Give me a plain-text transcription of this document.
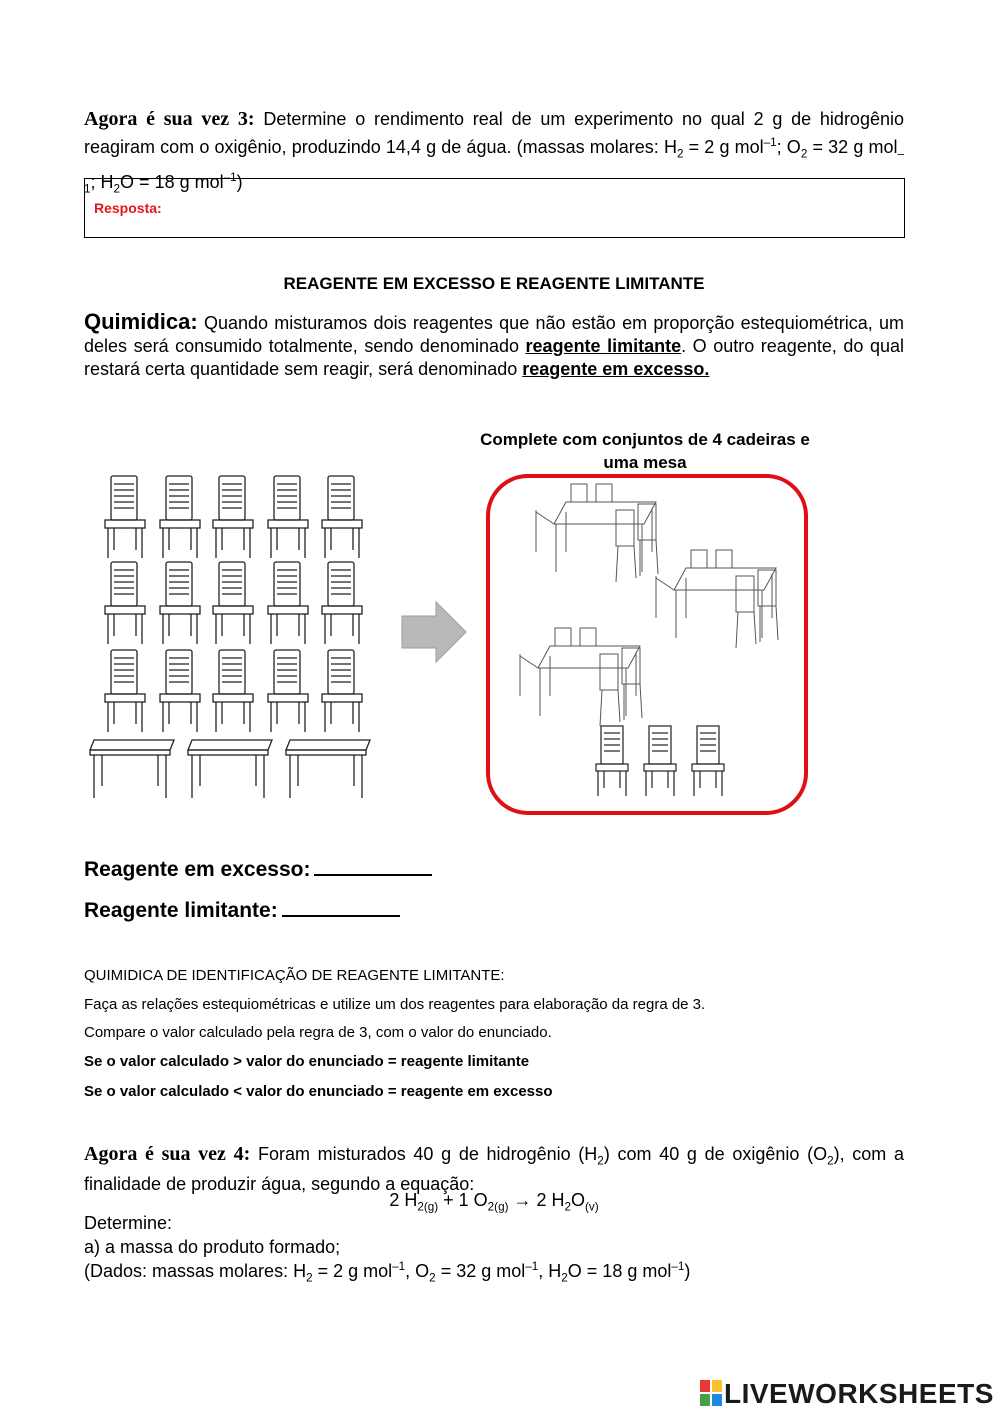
Agora é sua vez 3: Determine o rendimento real de um experimento no qual 2 g de hidrogênio reagiram com o oxigênio, produzindo 14,4 g de água. (massas molares: $H_2 = 2$ g mol$^{-1}$; $O_2 = 32$ g mol$_{-1}$; $H_2O = 18$ g mol$^{-1}$)
Resposta:
REAGENTE EM EXCESSO E REAGENTE LIMITANTE
Quimidica: Quando misturamos dois reagentes que não estão em proporção estequiométrica, um deles será consumido totalmente, sendo denominado reagente limitante. O outro reagente, do qual restará certa quantidade sem reagir, será denominado reagente em excesso.
Complete com conjuntos de 4 cadeiras e uma mesa
Reagente em excesso:
Reagente limitante:
QUIMIDICA DE IDENTIFICAÇÃO DE REAGENTE LIMITANTE:
Faça as relações estequiométricas e utilize um dos reagentes para elaboração da regra de 3.
Compare o valor calculado pela regra de 3, com o valor do enunciado.
Se o valor calculado > valor do enunciado = reagente limitante
Se o valor calculado < valor do enunciado = reagente em excesso
Agora é sua vez 4: Foram misturados 40 g de hidrogênio $(H_2)$ com 40 g de oxigênio $(O_2)$, com a finalidade de produzir água, segundo a equação:
2 $H_{2(g)} + 1$ $O_{2(g)} \to 2$ $H_2O_{(v)}$
Determine:
a) a massa do produto formado;
(Dados: massas molares: $H_2 = 2$ g mol$^{-1}$, $O_2 = 32$ g mol$^{-1}$, $H_2O = 18$ g mol$^{-1}$)
LIVEWORKSHEETS
